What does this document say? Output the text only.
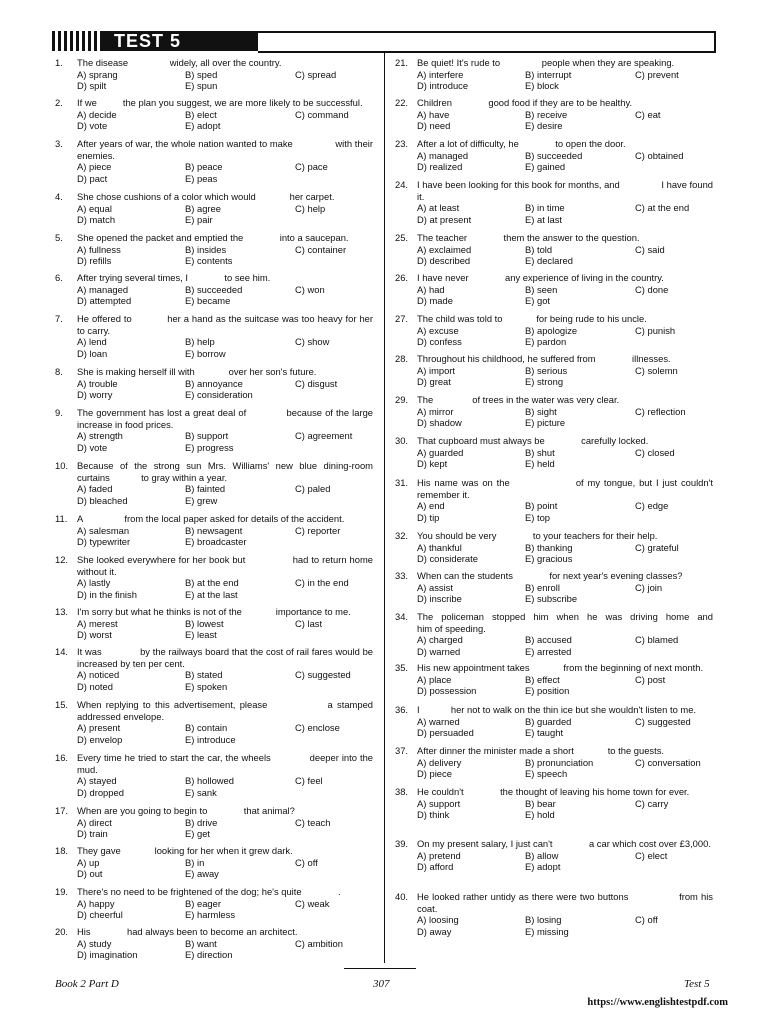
TEST 5
1.	The disease                widely, all over the country.
A) sprang	B) sped	C) spread
D) spilt	E) spun
2.	If we          the plan you suggest, we are more likely to be successful.
A) decide	B) elect	C) command
D) vote	E) adopt
3.	After years of war, the whole nation wanted to make                with their enemies.
A) piece	B) peace	C) pace
D) pact	E) peas
4.	She chose cushions of a color which would             her carpet.
A) equal	B) agree	C) help
D) match	E) pair
5.	She opened the packet and emptied the              into a saucepan.
A) fullness	B) insides	C) container
D) refills	E) contents
6.	After trying several times, I              to see him.
A) managed	B) succeeded	C) won
D) attempted	E) became
7.	He offered to            her a hand as the suitcase was too heavy for her to carry.
A) lend	B) help	C) show
D) loan	E) borrow
8.	She is making herself ill with             over her son's future.
A) trouble	B) annoyance	C) disgust
D) worry	E) consideration
9.	The government has lost a great deal of             because of the large increase in food prices.
A) strength	B) support	C) agreement
D) vote	E) progress
10. Because of the strong sun Mrs. Williams' new blue dining-room curtains            to gray within a year.
A) faded	B) fainted	C) paled
D) bleached	E) grew
11.	A                from the local paper asked for details of the accident.
A) salesman	B) newsagent	C) reporter
D) typewriter	E) broadcaster
12. She looked everywhere for her book but                had to return home without it.
A) lastly	B) at the end	C) in the end
D) in the finish	E) at the last
13. I'm sorry but what he thinks is not of the             importance to me.
A) merest	B) lowest	C) last
D) worst	E) least
14. It was              by the railways board that the cost of rail fares would be increased by ten per cent.
A) noticed	B) stated	C) suggested
D) noted	E) spoken
15. When replying to this advertisement, please              a stamped addressed envelope.
A) present	B) contain	C) enclose
D) envelop	E) introduce
16. Every time he tried to start the car, the wheels             deeper into the mud.
A) stayed	B) hollowed	C) feel
D) dropped	E) sank
17. When are you going to begin to              that animal?
A) direct	B) drive	C) teach
D) train	E) get
18. They gave             looking for her when it grew dark.
A) up	B) in	C) off
D) out	E) away
19. There's no need to be frightened of the dog; he's quite              .
A) happy	B) eager	C) weak
D) cheerful	E) harmless
20. His              had always been to become an architect.
A) study	B) want	C) ambition
D) imagination	E) direction
21. Be quiet! It's rude to                people when they are speaking.
A) interfere	B) interrupt	C) prevent
D) introduce	E) block
22. Children              good food if they are to be healthy.
A) have	B) receive	C) eat
D) need	E) desire
23. After a lot of difficulty, he              to open the door.
A) managed	B) succeeded	C) obtained
D) realized	E) gained
24. I have been looking for this book for months, and                I have found it.
A) at least	B) in time	C) at the end
D) at present	E) at last
25. The teacher              them the answer to the question.
A) exclaimed	B) told	C) said
D) described	E) declared
26. I have never              any experience of living in the country.
A) had	B) seen	C) done
D) made	E) got
27. The child was told to             for being rude to his uncle.
A) excuse	B) apologize	C) punish
D) confess	E) pardon
28. Throughout his childhood, he suffered from              illnesses.
A) import	B) serious	C) solemn
D) great	E) strong
29. The               of trees in the water was very clear.
A) mirror	B) sight	C) reflection
D) shadow	E) picture
30. That cupboard must always be              carefully locked.
A) guarded	B) shut	C) closed
D) kept	E) held
31. His name was on the                 of my tongue, but I just couldn't remember it.
A) end	B) point	C) edge
D) tip	E) top
32. You should be very              to your teachers for their help.
A) thankful	B) thanking	C) grateful
D) considerate	E) gracious
33. When can the students              for next year's evening classes?
A) assist	B) enroll	C) join
D) inscribe	E) subscribe
34. The policeman stopped him when he was driving home and              him of speeding.
A) charged	B) accused	C) blamed
D) warned	E) arrested
35. His new appointment takes             from the beginning of next month.
A) place	B) effect	C) post
D) possession	E) position
36. I            her not to walk on the thin ice but she wouldn't listen to me.
A) warned	B) guarded	C) suggested
D) persuaded	E) taught
37. After dinner the minister made a short             to the guests.
A) delivery	B) pronunciation	C) conversation
D) piece	E) speech
38. He couldn't              the thought of leaving his home town for ever.
A) support	B) bear	C) carry
D) think	E) hold
39. On my present salary, I just can't              a car which cost over £3,000.
A) pretend	B) allow	C) elect
D) afford	E) adopt
40. He looked rather untidy as there were two buttons                from his coat.
A) loosing	B) losing	C) off
D) away	E) missing
Book 2 Part D	307	Test 5
https://www.englishtestpdf.com
